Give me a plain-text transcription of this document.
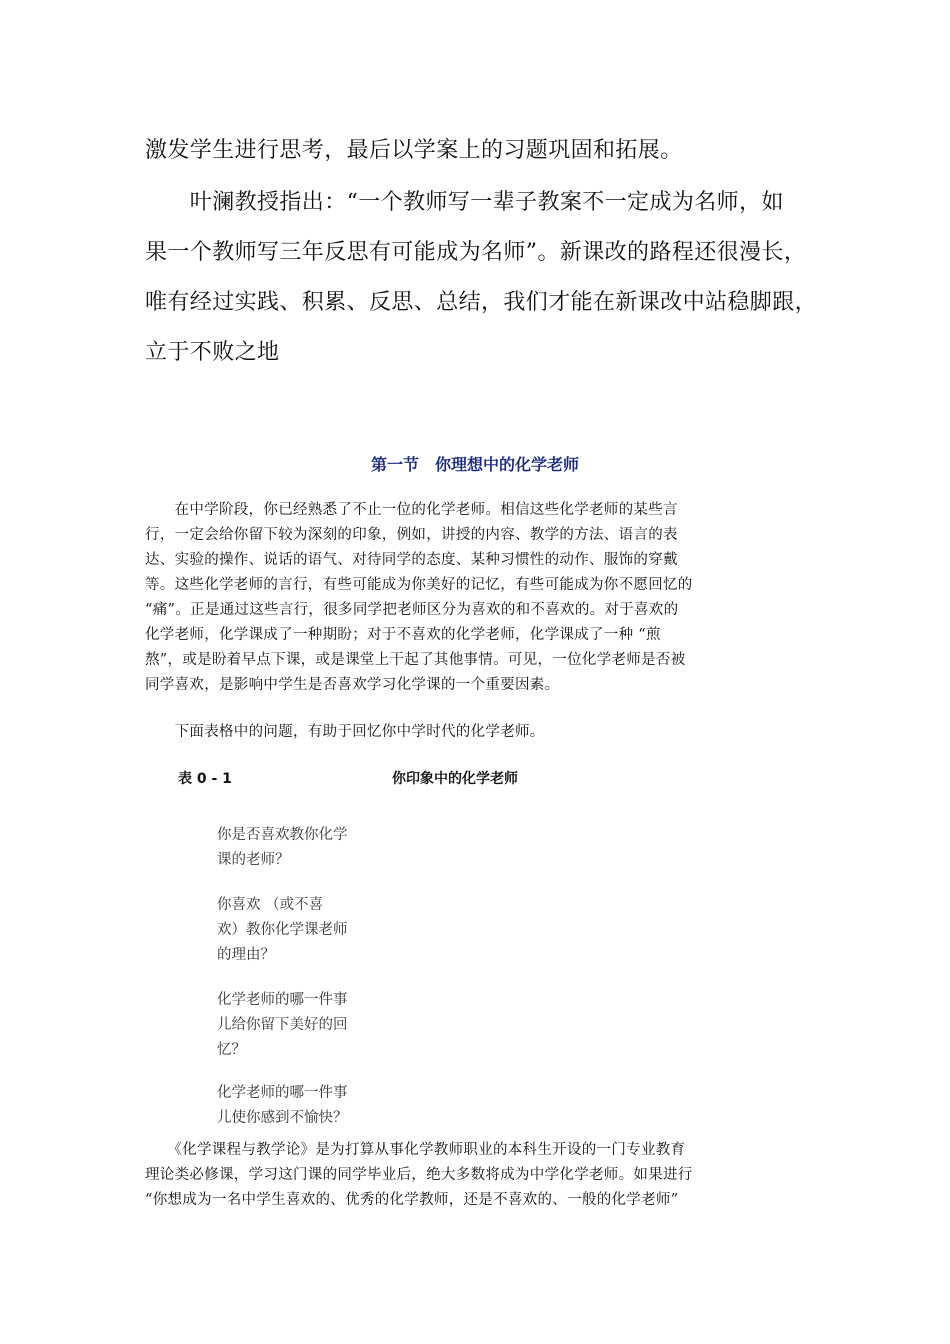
激发学生进行思考，最后以学案上的习题巩固和拓展。
　　叶澜教授指出：“一个教师写一辈子教案不一定成为名师，如
果一个教师写三年反思有可能成为名师”。新课改的路程还很漫长，
唯有经过实践、积累、反思、总结，我们才能在新课改中站稳脚跟，
立于不败之地
第一节　你理想中的化学老师
　　在中学阶段，你已经熟悉了不止一位的化学老师。相信这些化学老师的某些言
行，一定会给你留下较为深刻的印象，例如，讲授的内容、教学的方法、语言的表
达、实验的操作、说话的语气、对待同学的态度、某种习惯性的动作、服饰的穿戴
等。这些化学老师的言行，有些可能成为你美好的记忆，有些可能成为你不愿回忆的
“痛”。正是通过这些言行，很多同学把老师区分为喜欢的和不喜欢的。对于喜欢的
化学老师，化学课成了一种期盼；对于不喜欢的化学老师，化学课成了一种 “煎
熬”，或是盼着早点下课，或是课堂上干起了其他事情。可见，一位化学老师是否被
同学喜欢，是影响中学生是否喜欢学习化学课的一个重要因素。
　　下面表格中的问题，有助于回忆你中学时代的化学老师。
表 0 - 1	你印象中的化学老师
你是否喜欢教你化学
课的老师？
你喜欢 （或不喜
欢）教你化学课老师
的理由？
化学老师的哪一件事
儿给你留下美好的回
忆？
化学老师的哪一件事
儿使你感到不愉快？
　　《化学课程与教学论》是为打算从事化学教师职业的本科生开设的一门专业教育
理论类必修课，学习这门课的同学毕业后，绝大多数将成为中学化学老师。如果进行
“你想成为一名中学生喜欢的、优秀的化学教师，还是不喜欢的、一般的化学老师”
